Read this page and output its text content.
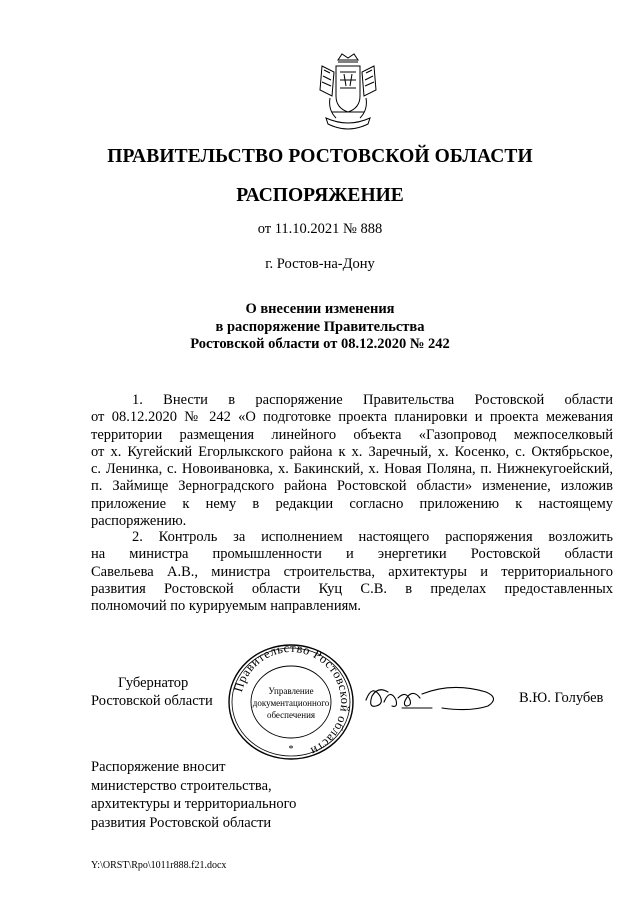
ПРАВИТЕЛЬСТВО РОСТОВСКОЙ ОБЛАСТИ
РАСПОРЯЖЕНИЕ
от 11.10.2021 № 888
г. Ростов-на-Дону
О внесении изменения
в распоряжение Правительства
Ростовской области от 08.12.2020 № 242
1. Внести в распоряжение Правительства Ростовской области
от 08.12.2020 № 242 «О подготовке проекта планировки и проекта межевания
территории размещения линейного объекта «Газопровод межпоселковый
от х. Кугейский Егорлыкского района к х. Заречный, х. Косенко, с. Октябрьское,
с. Ленинка, с. Новоивановка, х. Бакинский, х. Новая Поляна, п. Нижнекугоейский,
п. Займище Зерноградского района Ростовской области» изменение, изложив
приложение к нему в редакции согласно приложению к настоящему
распоряжению.
2. Контроль за исполнением настоящего распоряжения возложить
на министра промышленности и энергетики Ростовской области
Савельева А.В., министра строительства, архитектуры и территориального
развития Ростовской области Куц С.В. в пределах предоставленных
полномочий по курируемым направлениям.
Губернатор
Ростовской области
Правительство Ростовской области
Управление
документационного
обеспечения
*
В.Ю. Голубев
Распоряжение вносит
министерство строительства,
архитектуры и территориального
развития Ростовской области
Y:\ORST\Rpo\1011r888.f21.docx
